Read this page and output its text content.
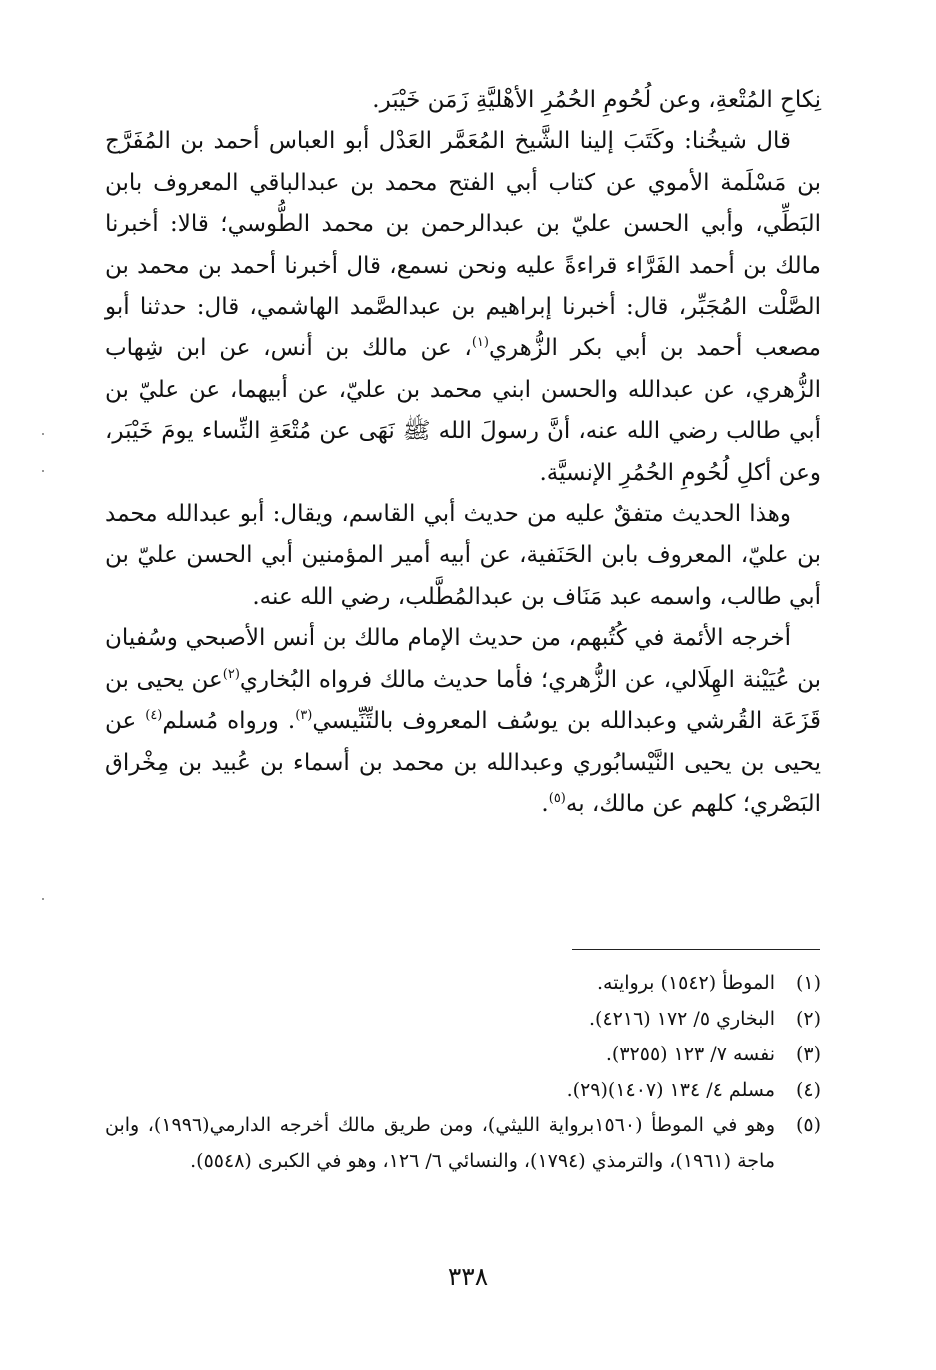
نِكاحِ المُتْعةِ، وعن لُحُومِ الحُمُرِ الأهْليَّةِ زَمَن خَيْبَر.

قال شيخُنا: وكَتَبَ إلينا الشَّيخ المُعَمَّر العَدْل أبو العباس أحمد بن المُفَرَّج بن مَسْلَمة الأموي عن كتاب أبي الفتح محمد بن عبدالباقي المعروف بابن البَطِّي، وأبي الحسن عليّ بن عبدالرحمن بن محمد الطُّوسي؛ قالا: أخبرنا مالك بن أحمد الفَرَّاء قراءةً عليه ونحن نسمع، قال أخبرنا أحمد بن محمد بن الصَّلْت المُجَبِّر، قال: أخبرنا إبراهيم بن عبدالصَّمد الهاشمي، قال: حدثنا أبو مصعب أحمد بن أبي بكر الزُّهري$^{(١)}$، عن مالك بن أنس، عن ابن شِهاب الزُّهري، عن عبدالله والحسن ابني محمد بن عليّ، عن أبيهما، عن عليّ بن أبي طالب رضي الله عنه، أنَّ رسولَ الله ﷺ نَهَى عن مُتْعَةِ النِّساء يومَ خَيْبَر، وعن أكلِ لُحُومِ الحُمُرِ الإنسيَّة.

وهذا الحديث متفقٌ عليه من حديث أبي القاسم، ويقال: أبو عبدالله محمد بن عليّ، المعروف بابن الحَنَفية، عن أبيه أمير المؤمنين أبي الحسن عليّ بن أبي طالب، واسمه عبد مَنَاف بن عبدالمُطَّلب، رضي الله عنه.

أخرجه الأئمة في كُتُبهم، من حديث الإمام مالك بن أنس الأصبحي وسُفيان بن عُيَيْنة الهِلَالي، عن الزُّهري؛ فأما حديث مالك فرواه البُخاري$^{(٢)}$عن يحيى بن قَزَعَة القُرشي وعبدالله بن يوسُف المعروف بالتِّنِّيسي$^{(٣)}$. ورواه مُسلم$^{(٤)}$ عن يحيى بن يحيى النَّيْسابُوري وعبدالله بن محمد بن أسماء بن عُبيد بن مِخْراق البَصْري؛ كلهم عن مالك، به$^{(٥)}$.

(١)
الموطأ (١٥٤٢) بروايته.
(٢)
البخاري ٥/ ١٧٢ (٤٢١٦).
(٣)
نفسه ٧/ ١٢٣ (٣٢٥٥).
(٤)
مسلم ٤/ ١٣٤ (١٤٠٧)(٢٩).
(٥)
وهو في الموطأ (١٥٦٠برواية الليثي)، ومن طريق مالك أخرجه الدارمي(١٩٩٦)، وابن ماجة (١٩٦١)، والترمذي (١٧٩٤)، والنسائي ٦/ ١٢٦، وهو في الكبرى (٥٥٤٨).
٣٣٨
